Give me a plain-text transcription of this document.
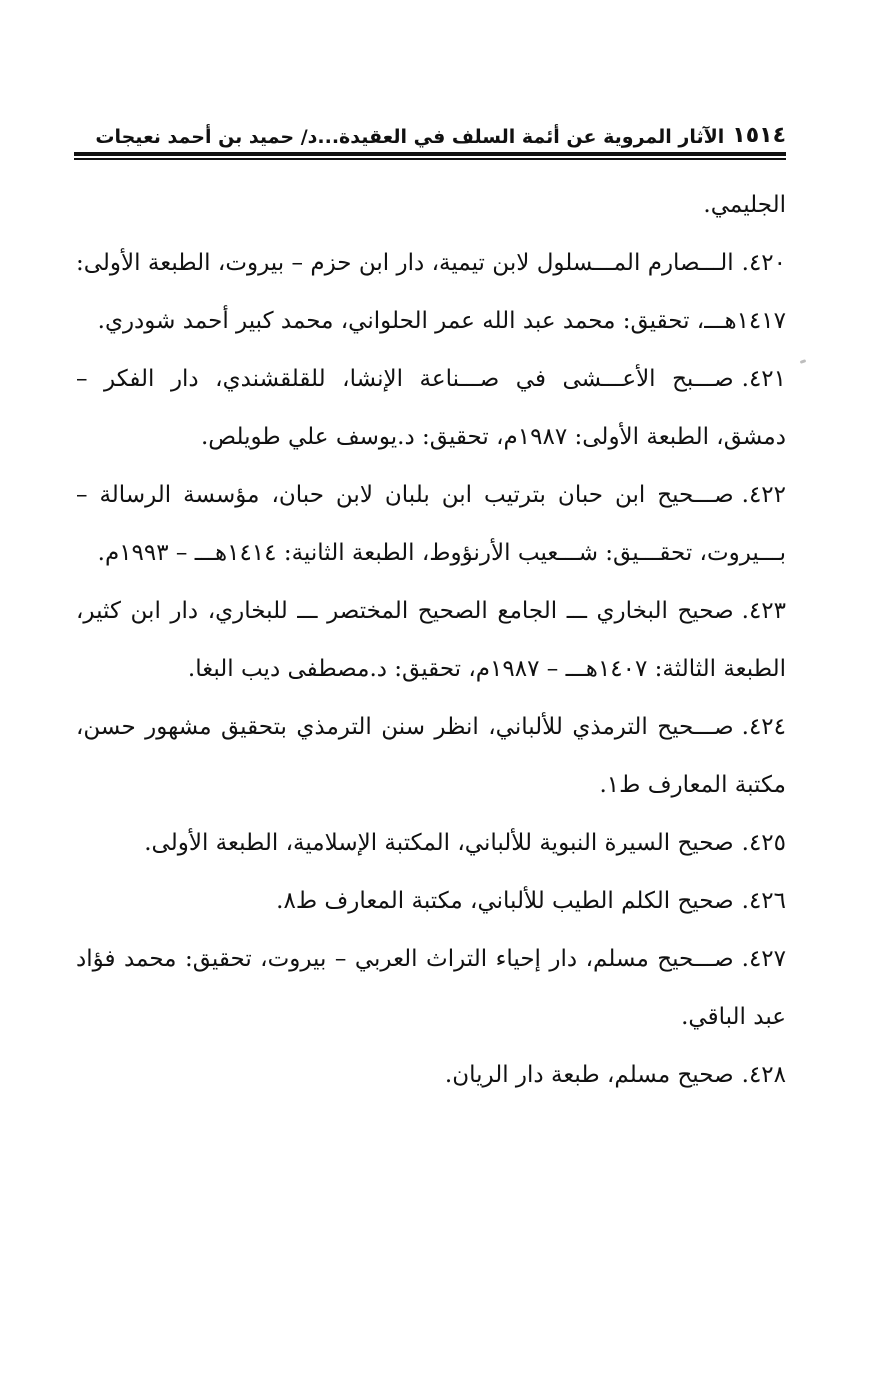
١٥١٤
الآثار المروية عن أئمة السلف في العقيدة...د/ حميد بن أحمد نعيجات

الجليمي.

٤٢٠.الـــصارم المـــسلول لابن تيمية، دار ابن حزم – بيروت، الطبعة الأولى: ١٤١٧هـــ، تحقيق: محمد عبد الله عمر الحلواني، محمد كبير أحمد شودري.

٤٢١.صـــبح الأعـــشى في صـــناعة الإنشا، للقلقشندي، دار الفكر – دمشق، الطبعة الأولى: ١٩٨٧م، تحقيق: د.يوسف علي طويلص.

٤٢٢.صـــحيح ابن حبان بترتيب ابن بلبان لابن حبان، مؤسسة الرسالة – بـــيروت، تحقـــيق: شـــعيب الأرنؤوط، الطبعة الثانية: ١٤١٤هـــ – ١٩٩٣م.

٤٢٣.صحيح البخاري ـــ الجامع الصحيح المختصر ـــ للبخاري، دار ابن كثير، الطبعة الثالثة: ١٤٠٧هـــ – ١٩٨٧م، تحقيق: د.مصطفى ديب البغا.

٤٢٤.صـــحيح الترمذي للألباني، انظر سنن الترمذي بتحقيق مشهور حسن، مكتبة المعارف ط١.

٤٢٥.صحيح السيرة النبوية للألباني، المكتبة الإسلامية، الطبعة الأولى.

٤٢٦.صحيح الكلم الطيب للألباني، مكتبة المعارف ط٨.

٤٢٧.صـــحيح مسلم، دار إحياء التراث العربي – بيروت، تحقيق: محمد فؤاد عبد الباقي.

٤٢٨.صحيح مسلم، طبعة دار الريان.
